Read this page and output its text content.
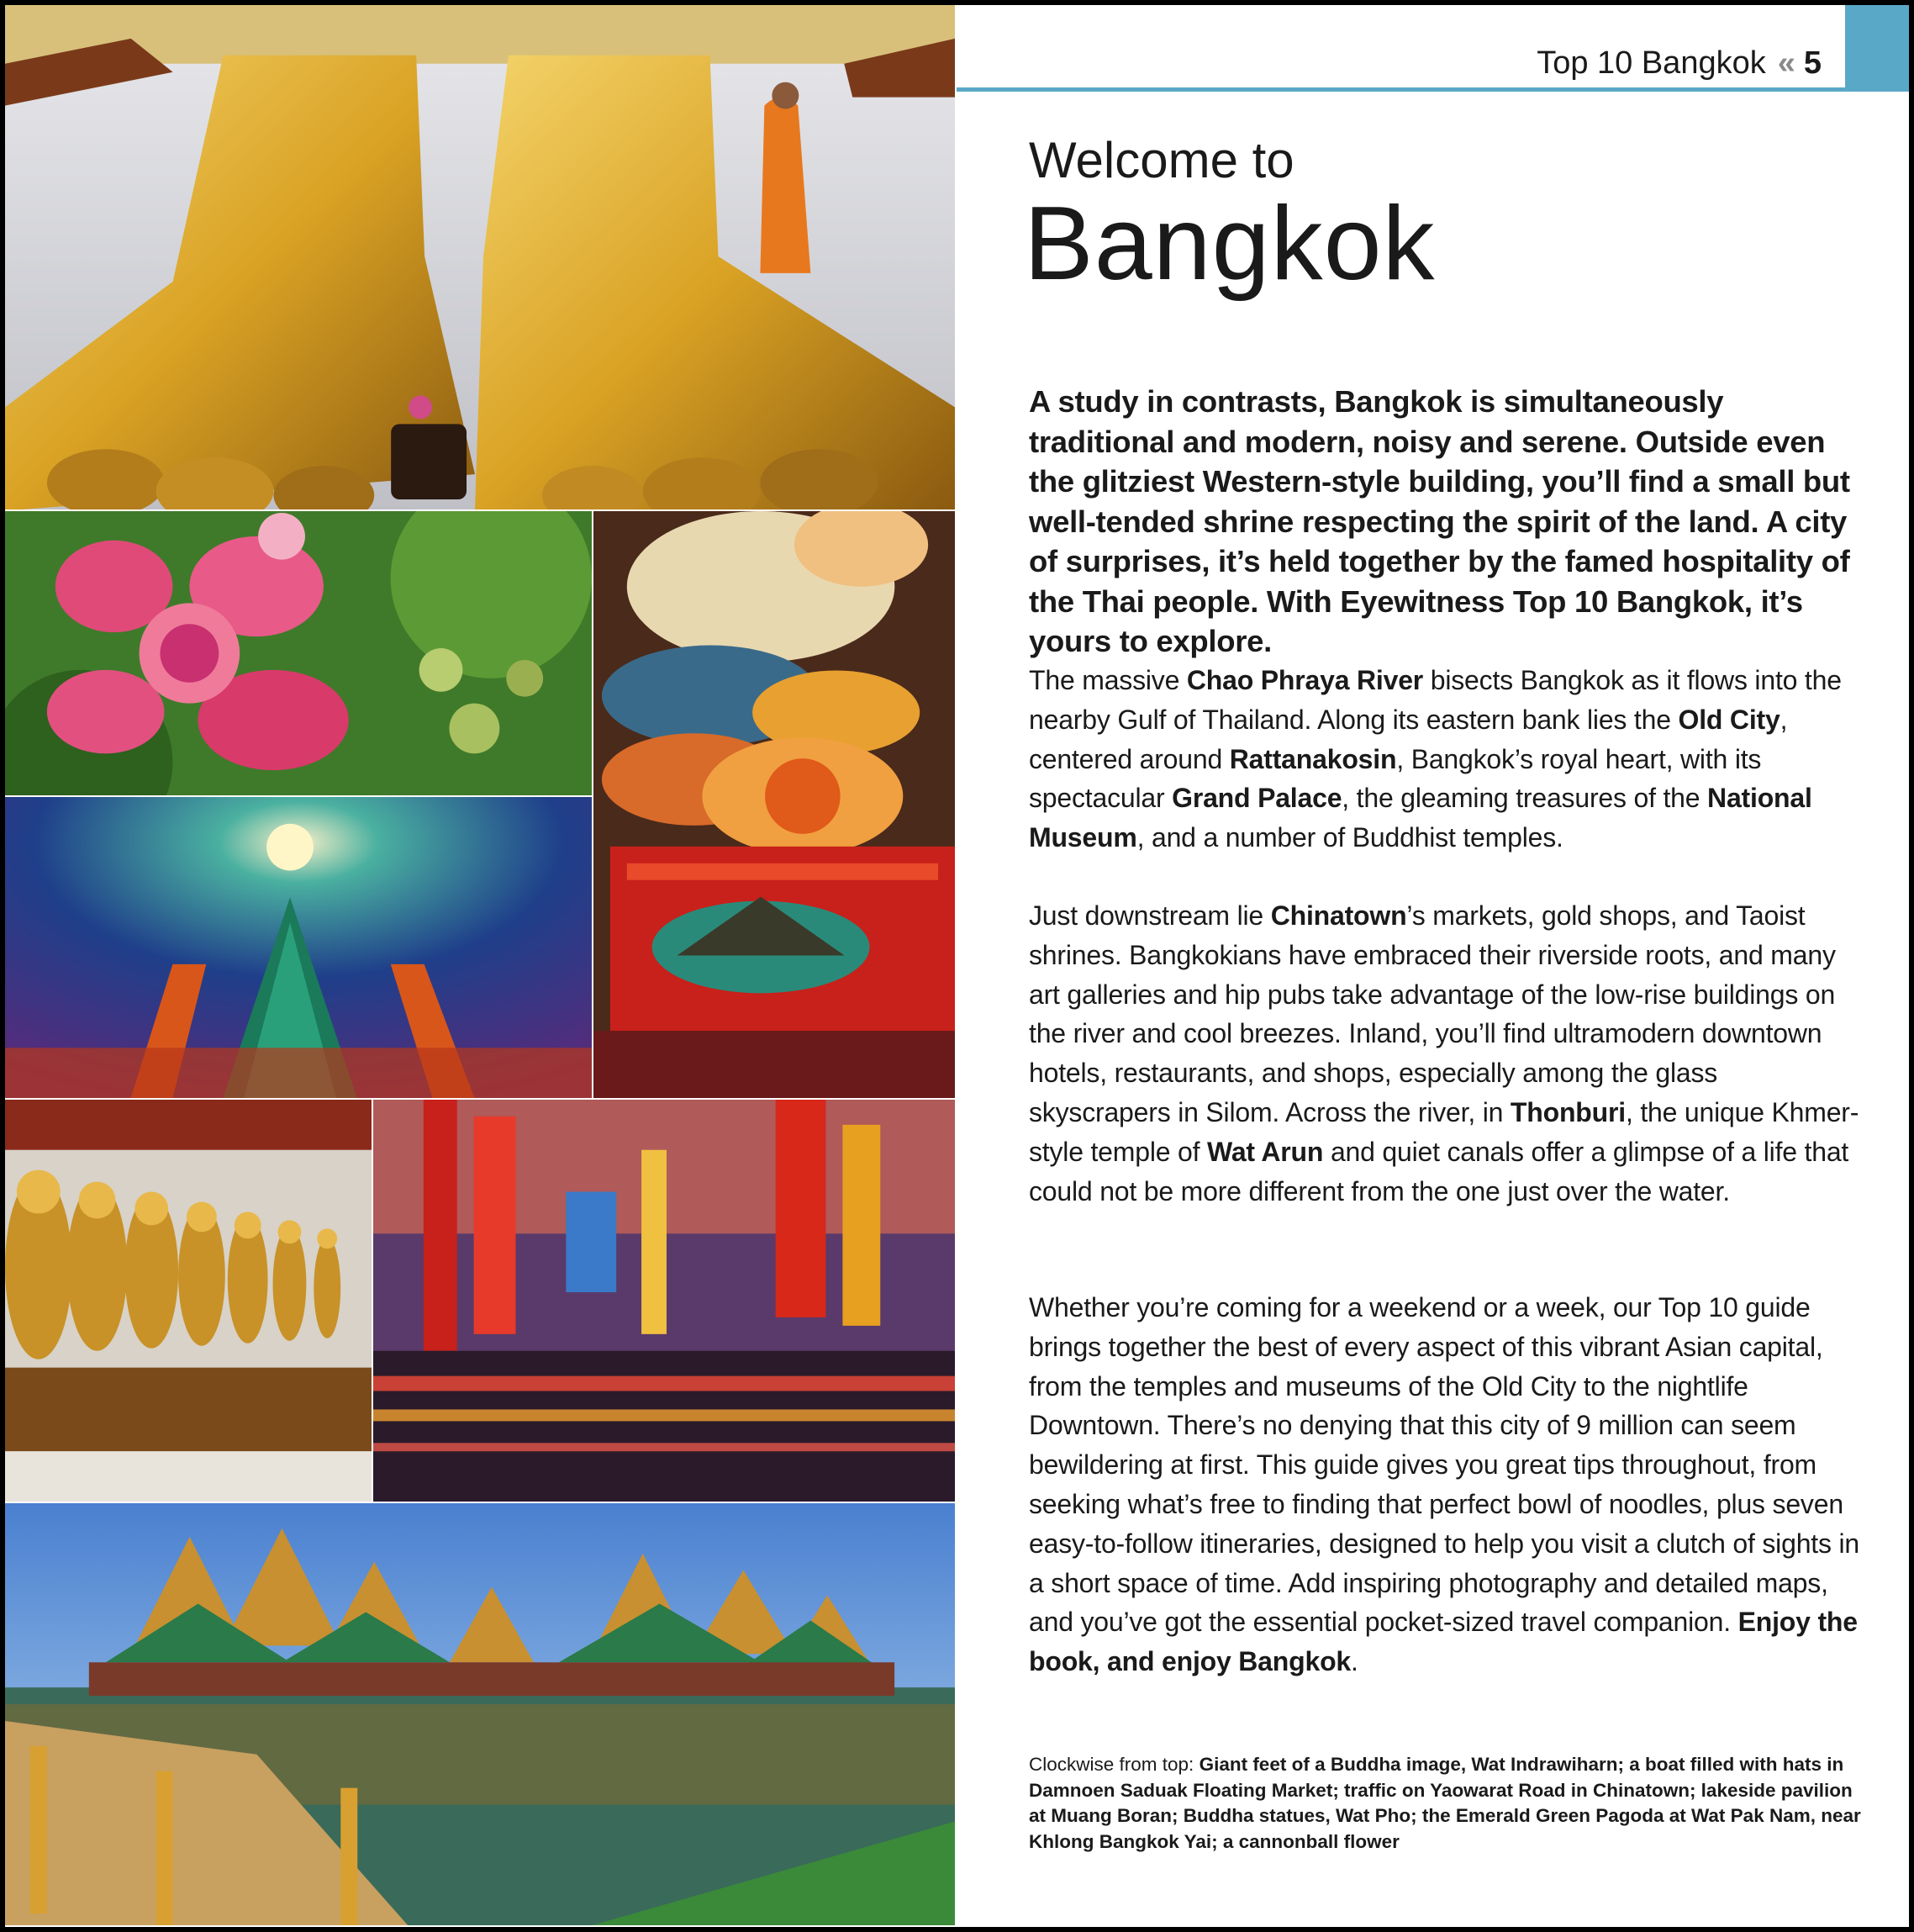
Top 10 Bangkok « 5
Welcome to
Bangkok
A study in contrasts, Bangkok is simultaneously traditional and modern, noisy and serene. Outside even the glitziest Western-style building, you’ll find a small but well-tended shrine respecting the spirit of the land. A city of surprises, it’s held together by the famed hospitality of the Thai people. With Eyewitness Top 10 Bangkok, it’s yours to explore.
The massive Chao Phraya River bisects Bangkok as it flows into the nearby Gulf of Thailand. Along its eastern bank lies the Old City, centered around Rattanakosin, Bangkok’s royal heart, with its spectacular Grand Palace, the gleaming treasures of the National Museum, and a number of Buddhist temples.
Just downstream lie Chinatown’s markets, gold shops, and Taoist shrines. Bangkokians have embraced their riverside roots, and many art galleries and hip pubs take advantage of the low-rise buildings on the river and cool breezes. Inland, you’ll find ultramodern downtown hotels, restaurants, and shops, especially among the glass skyscrapers in Silom. Across the river, in Thonburi, the unique Khmer-style temple of Wat Arun and quiet canals offer a glimpse of a life that could not be more different from the one just over the water.
Whether you’re coming for a weekend or a week, our Top 10 guide brings together the best of every aspect of this vibrant Asian capital, from the temples and museums of the Old City to the nightlife Downtown. There’s no denying that this city of 9 million can seem bewildering at first. This guide gives you great tips throughout, from seeking what’s free to finding that perfect bowl of noodles, plus seven easy-to-follow itineraries, designed to help you visit a clutch of sights in a short space of time. Add inspiring photography and detailed maps, and you’ve got the essential pocket-sized travel companion. Enjoy the book, and enjoy Bangkok.
Clockwise from top: Giant feet of a Buddha image, Wat Indrawiharn; a boat filled with hats in Damnoen Saduak Floating Market; traffic on Yaowarat Road in Chinatown; lakeside pavilion at Muang Boran; Buddha statues, Wat Pho; the Emerald Green Pagoda at Wat Pak Nam, near Khlong Bangkok Yai; a cannonball flower
